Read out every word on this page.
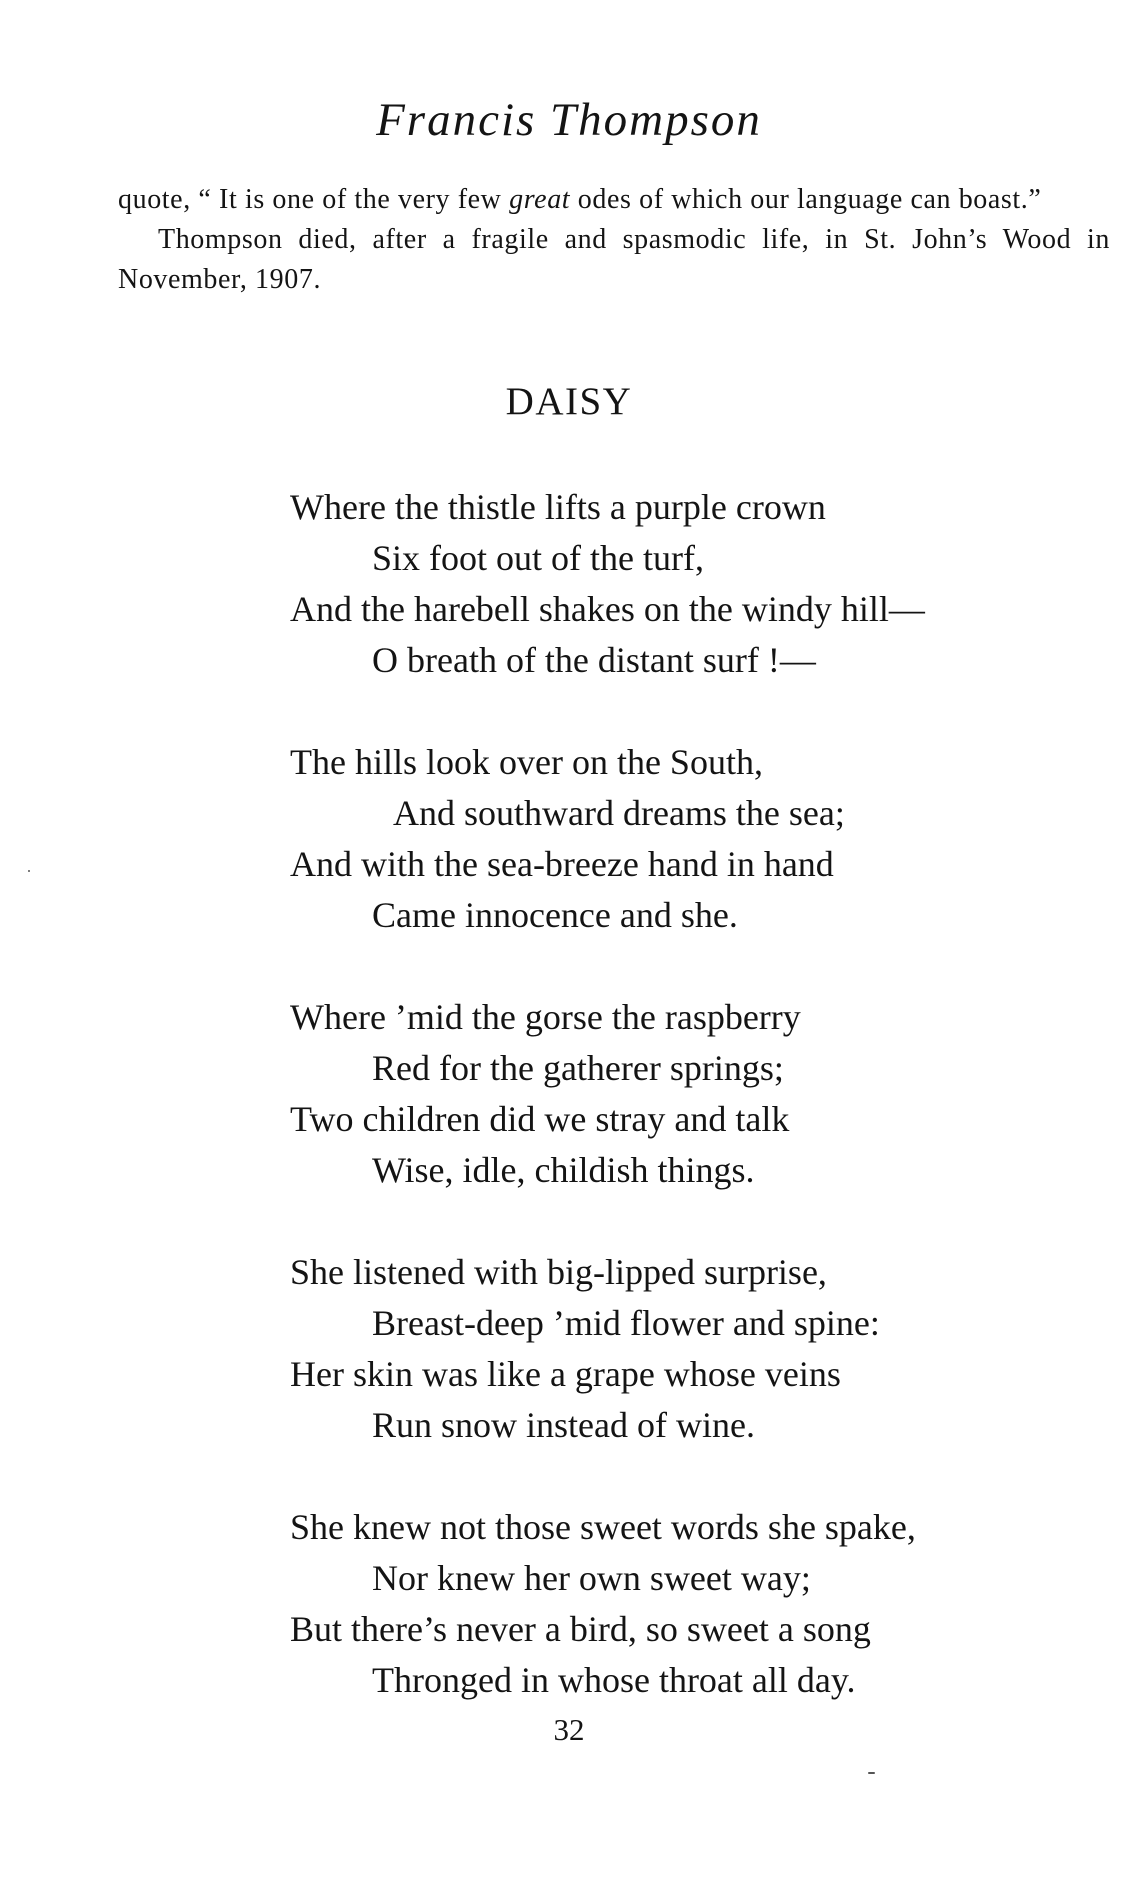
Francis Thompson

quote, “ It is one of the very few great odes of which our language can boast.”

Thompson died, after a fragile and spasmodic life, in St. John’s Wood in November, 1907.

DAISY
Where the thistle lifts a purple crown
Six foot out of the turf,
And the harebell shakes on the windy hill—
O breath of the distant surf !—
The hills look over on the South,
And southward dreams the sea;
And with the sea-breeze hand in hand
Came innocence and she.
Where ’mid the gorse the raspberry
Red for the gatherer springs;
Two children did we stray and talk
Wise, idle, childish things.
She listened with big-lipped surprise,
Breast-deep ’mid flower and spine:
Her skin was like a grape whose veins
Run snow instead of wine.
She knew not those sweet words she spake,
Nor knew her own sweet way;
But there’s never a bird, so sweet a song
Thronged in whose throat all day.
32
